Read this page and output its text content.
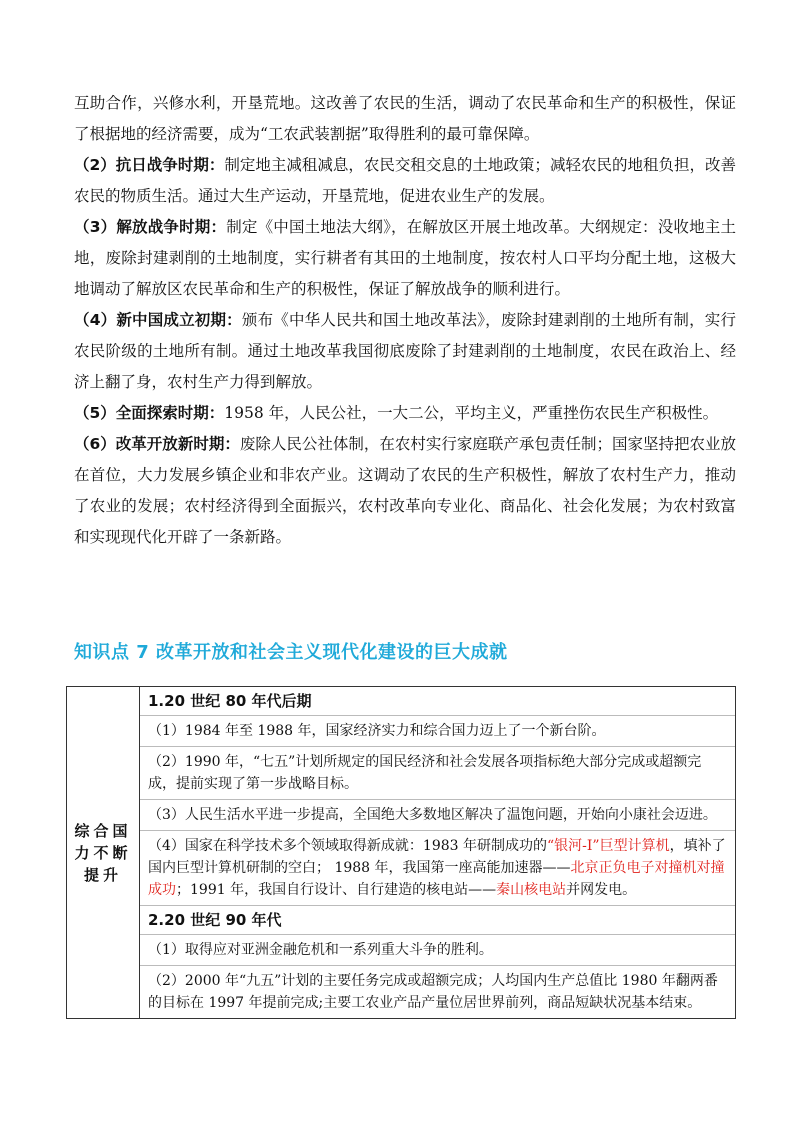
互助合作，兴修水利，开垦荒地。这改善了农民的生活，调动了农民革命和生产的积极性，保证了根据地的经济需要，成为“工农武装割据”取得胜利的最可靠保障。

（2）抗日战争时期：制定地主减租减息，农民交租交息的土地政策；减轻农民的地租负担，改善农民的物质生活。通过大生产运动，开垦荒地，促进农业生产的发展。

（3）解放战争时期：制定《中国土地法大纲》，在解放区开展土地改革。大纲规定：没收地主土地，废除封建剥削的土地制度，实行耕者有其田的土地制度，按农村人口平均分配土地，这极大地调动了解放区农民革命和生产的积极性，保证了解放战争的顺利进行。

（4）新中国成立初期：颁布《中华人民共和国土地改革法》，废除封建剥削的土地所有制，实行农民阶级的土地所有制。通过土地改革我国彻底废除了封建剥削的土地制度，农民在政治上、经济上翻了身，农村生产力得到解放。

（5）全面探索时期：1958 年，人民公社，一大二公，平均主义，严重挫伤农民生产积极性。

（6）改革开放新时期：废除人民公社体制，在农村实行家庭联产承包责任制；国家坚持把农业放在首位，大力发展乡镇企业和非农产业。这调动了农民的生产积极性，解放了农村生产力，推动了农业的发展；农村经济得到全面振兴，农村改革向专业化、商品化、社会化发展；为农村致富和实现现代化开辟了一条新路。

知识点 7 改革开放和社会主义现代化建设的巨大成就
综合国力不断提升	
1.20 世纪 80 年代后期
（1）1984 年至 1988 年，国家经济实力和综合国力迈上了一个新台阶。
（2）1990 年，“七五”计划所规定的国民经济和社会发展各项指标绝大部分完成或超额完成，提前实现了第一步战略目标。
（3）人民生活水平进一步提高，全国绝大多数地区解决了温饱问题，开始向小康社会迈进。
（4）国家在科学技术多个领域取得新成就：1983 年研制成功的“银河-Ⅰ”巨型计算机，填补了国内巨型计算机研制的空白； 1988 年，我国第一座高能加速器——北京正负电子对撞机对撞成功；1991 年，我国自行设计、自行建造的核电站——秦山核电站并网发电。
2.20 世纪 90 年代
（1）取得应对亚洲金融危机和一系列重大斗争的胜利。
（2）2000 年“九五”计划的主要任务完成或超额完成；人均国内生产总值比 1980 年翻两番的目标在 1997 年提前完成;主要工农业产品产量位居世界前列，商品短缺状况基本结束。
